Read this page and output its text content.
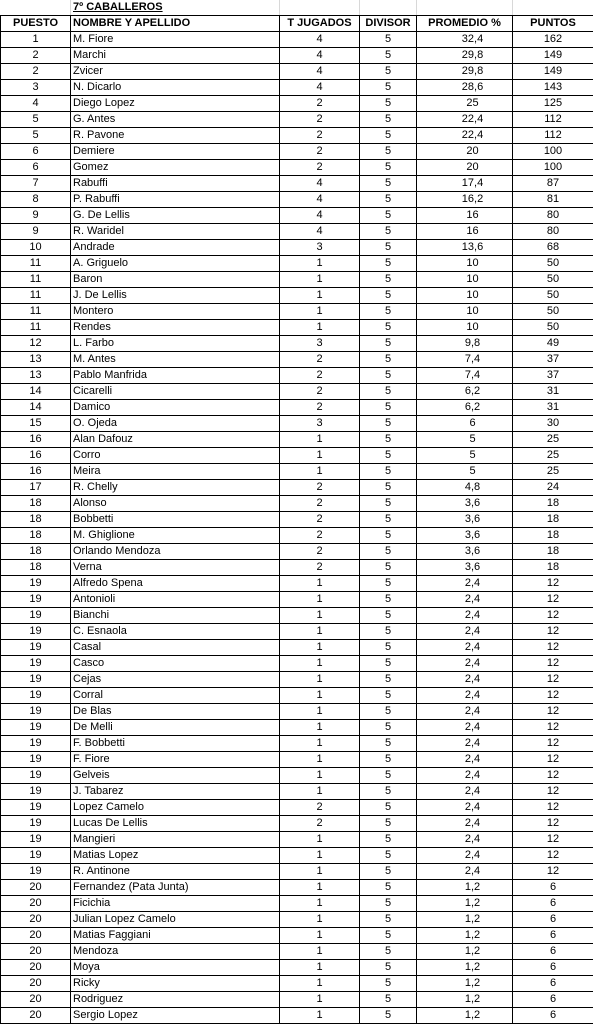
	7º CABALLEROS				
PUESTO	NOMBRE Y APELLIDO	T JUGADOS	DIVISOR	PROMEDIO %	PUNTOS
1	M. Fiore	4	5	32,4	162
2	Marchi	4	5	29,8	149
2	Zvicer	4	5	29,8	149
3	N. Dicarlo	4	5	28,6	143
4	Diego Lopez	2	5	25	125
5	G. Antes	2	5	22,4	112
5	R. Pavone	2	5	22,4	112
6	Demiere	2	5	20	100
6	Gomez	2	5	20	100
7	Rabuffi	4	5	17,4	87
8	P. Rabuffi	4	5	16,2	81
9	G. De Lellis	4	5	16	80
9	R. Waridel	4	5	16	80
10	Andrade	3	5	13,6	68
11	A. Griguelo	1	5	10	50
11	Baron	1	5	10	50
11	J. De Lellis	1	5	10	50
11	Montero	1	5	10	50
11	Rendes	1	5	10	50
12	L. Farbo	3	5	9,8	49
13	M. Antes	2	5	7,4	37
13	Pablo Manfrida	2	5	7,4	37
14	Cicarelli	2	5	6,2	31
14	Damico	2	5	6,2	31
15	O. Ojeda	3	5	6	30
16	Alan Dafouz	1	5	5	25
16	Corro	1	5	5	25
16	Meira	1	5	5	25
17	R. Chelly	2	5	4,8	24
18	Alonso	2	5	3,6	18
18	Bobbetti	2	5	3,6	18
18	M. Ghiglione	2	5	3,6	18
18	Orlando Mendoza	2	5	3,6	18
18	Verna	2	5	3,6	18
19	Alfredo Spena	1	5	2,4	12
19	Antonioli	1	5	2,4	12
19	Bianchi	1	5	2,4	12
19	C. Esnaola	1	5	2,4	12
19	Casal	1	5	2,4	12
19	Casco	1	5	2,4	12
19	Cejas	1	5	2,4	12
19	Corral	1	5	2,4	12
19	De Blas	1	5	2,4	12
19	De Melli	1	5	2,4	12
19	F. Bobbetti	1	5	2,4	12
19	F. Fiore	1	5	2,4	12
19	Gelveis	1	5	2,4	12
19	J. Tabarez	1	5	2,4	12
19	Lopez Camelo	2	5	2,4	12
19	Lucas De Lellis	2	5	2,4	12
19	Mangieri	1	5	2,4	12
19	Matias Lopez	1	5	2,4	12
19	R. Antinone	1	5	2,4	12
20	Fernandez (Pata Junta)	1	5	1,2	6
20	Ficichia	1	5	1,2	6
20	Julian Lopez Camelo	1	5	1,2	6
20	Matias Faggiani	1	5	1,2	6
20	Mendoza	1	5	1,2	6
20	Moya	1	5	1,2	6
20	Ricky	1	5	1,2	6
20	Rodriguez	1	5	1,2	6
20	Sergio Lopez	1	5	1,2	6
